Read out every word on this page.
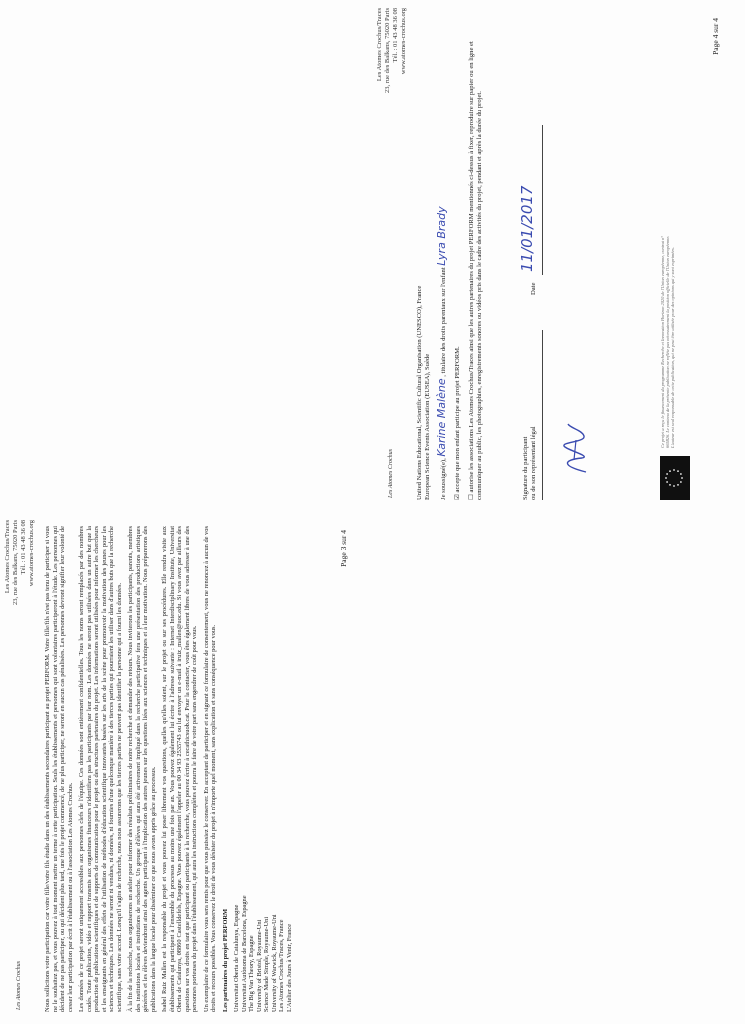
Les Atomes Crochus
Les Atomes Crochus/Traces 23, rue des Balkans, 75020 Paris Tél. : 01 43 48 36 08 www.atomes-crochus.org Nous sollicitons votre participation car votre fille/votre fils étudie dans un des établissements secondaires participant au projet PERFORM. Votre fille/fils n'est pas tenu de participer si vous ne le souhaitez pas, et vous pouvez à tout moment mettre un terme à cette participation. Seuls les établissements et personnes qui sont volontaires participeront à l'étude. Les personnes qui décident de ne pas participer, ou qui décident plus tard, une fois le projet commencé, de ne plus participer, ne seront en aucun cas pénalisées. Les personnes devront signifier leur volonté de cesser leur participation par écrit à l'établissement ou à l'association Les Atomes Crochus. Les données de ce projet seront uniquement accessibles aux personnes clefs de l'équipe. Ces données sont entièrement confidentielles. Tous les noms seront remplacés par des nombres codés. Toute publication, vidéo et rapport transmis aux organismes financeurs n'identifiera pas les participants par leur nom. Les données ne seront pas utilisées dans un autre but que la production de publications scientifiques et de supports de communication pour le projet ou des structures partenaires du projet. Les informations seront utilisées pour informer les chercheurs et les enseignants en général des effets de l'utilisation de méthodes d'éducation scientifique innovantes basées sur les arts de la scène pour promouvoir la motivation des jeunes pour les sciences et techniques. Les données ne seront ni vendues, ni données, ni fournies d'une quelconque manière à des tierces parties qui pourraient les utiliser dans d'autres buts que la recherche scientifique, sans votre accord. Lorsqu'il s'agira de recherche, nous nous assurerons que les tierces parties ne peuvent pas identifier la personne qui a fourni les données. À la fin de la recherche, nous organiserons un atelier pour informer des résultats préliminaires de notre recherche et demander des retours. Nous inviterons les participants, parents, membres des institutions locales et institutions de recherche. Un groupe d'élèves qui aura été activement impliqué dans la recherche participative fera une présentation des productions artistiques générées et les élèves deviendront ainsi des agents participant à l'implication des autres jeunes sur les questions liées aux sciences et techniques et à leur motivation. Nous préparerons des publications dans la langue locale pour disséminer ce que nous avons appris grâce au processus. Isabel Ruiz Mallen est la responsable du projet et vous pouvez lui poser librement vos questions, quelles qu'elles soient, sur le projet ou sur ses procédures. Elle rendra visite aux établissements qui participent à l'ensemble du processus au moins une fois par an. Vous pouvez également lui écrire à l'adresse suivante : Internet Interdisciplinary Institute, Universitat Oberta de Catalunya, 08860 Castelldefels, Espagne. Vous pouvez également l'appeler au 00 34 93 2535743 ou lui envoyer un e-mail à iruiz_mallen@uoc.edu. Si vous avez par ailleurs des questions sur vos droits en tant que participant ou participante à la recherche, vous pouvez écrire à cecathicsuob.cat. Pour la contacter, vous êtes également libres de vous adresser à une des personnes porteuses du projet dans l'établissement, qui aura les instructions complètes et pourra le faire de votre part sans engendrer de coût pour vous. Un exemplaire de ce formulaire vous sera remis pour que vous puissiez le conserver. En acceptant de participer et en signant ce formulaire de consentement, vous ne renoncez à aucun de vos droits et recours possibles. Vous conservez le droit de vous désister du projet à n'importe quel moment, sans explication et sans conséquence pour vous. Les partenaires du projet PERFORM Universitat Oberta de Catalunya, Espagne Universitat Autònoma de Barcelona, Espagne The Big Van Theory, Espagne University of Bristol, Royaume-Uni Science Made Simple, Royaume-Uni University of Warwick, Royaume-Uni Les Atomes Crochus/Traces, France L'Atelier des Jours à Venir, France
Page 3 sur 4
Les Atomes Crochus
Les Atomes Crochus/Traces 23, rue des Balkans, 75020 Paris Tél. : 01 43 48 36 08 www.atomes-crochus.org

United Nations Educational, Scientific Cultural Organisation (UNESCO), France
European Science Events Association (EUSEA), Suède	Je soussigné(e), Karine Malène , titulaire des droits parentaux sur l'enfant Lyra Brady

☑ accepte que mon enfant participe au projet PERFORM. ☐ autorise les associations Les Atomes Crochus/Traces ainsi que les autres partenaires du projet PERFORM mentionnés ci-dessus à fixer, reproduire sur papier ou en ligne et communiquer au public, les photographies, enregistrements sonores ou vidéos pris dans le cadre des activités du projet, pendant et après la durée du projet.	Signature du participant
ou de son représentant légal
Date
11/01/2017
Ce projet a reçu le financement du programme Recherche et Innovation Horizon 2020 de l'Union européenne, contrat n° 665826. Le contenu de la présente publication ne reflète pas nécessairement la position officielle de l'Union européenne. L'auteur est seul responsable de cette publication, qui ne peut être utilisée pour des opinions qui y sont exprimées.
Page 4 sur 4
